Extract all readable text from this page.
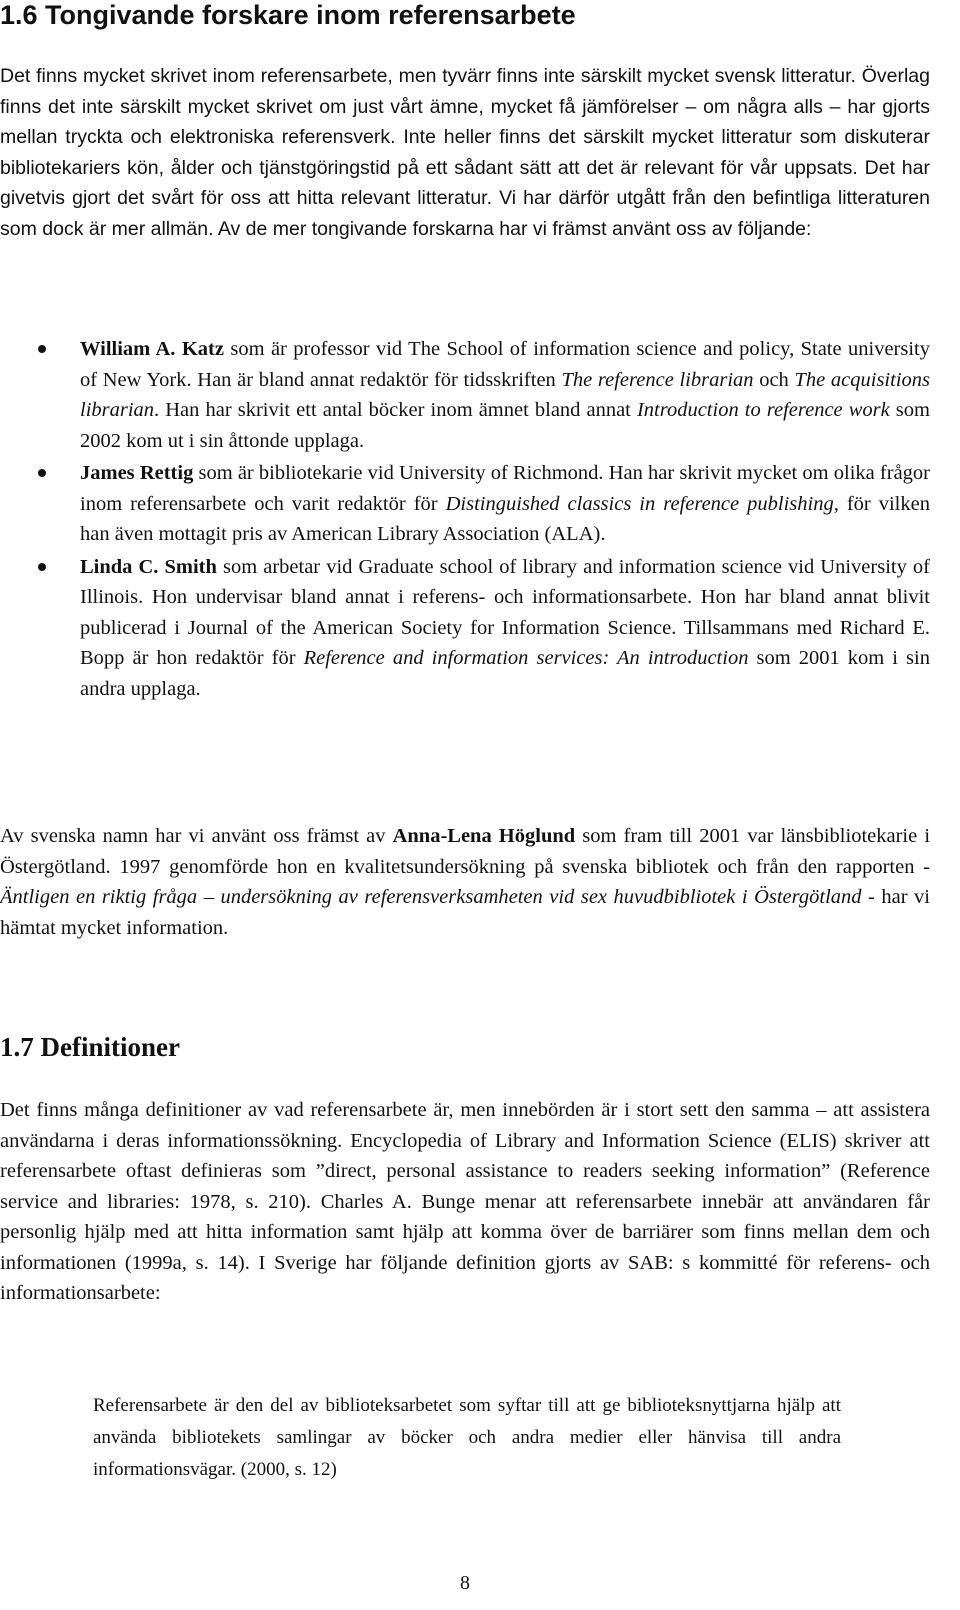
1.6 Tongivande forskare inom referensarbete

Det finns mycket skrivet inom referensarbete, men tyvärr finns inte särskilt mycket svensk litteratur. Överlag finns det inte särskilt mycket skrivet om just vårt ämne, mycket få jämförelser – om några alls – har gjorts mellan tryckta och elektroniska referensverk. Inte heller finns det särskilt mycket litteratur som diskuterar bibliotekariers kön, ålder och tjänstgöringstid på ett sådant sätt att det är relevant för vår uppsats. Det har givetvis gjort det svårt för oss att hitta relevant litteratur. Vi har därför utgått från den befintliga litteraturen som dock är mer allmän. Av de mer tongivande forskarna har vi främst använt oss av följande:

William A. Katz som är professor vid The School of information science and policy, State university of New York. Han är bland annat redaktör för tidsskriften The reference librarian och The acquisitions librarian. Han har skrivit ett antal böcker inom ämnet bland annat Introduction to reference work som 2002 kom ut i sin åttonde upplaga.
James Rettig som är bibliotekarie vid University of Richmond. Han har skrivit mycket om olika frågor inom referensarbete och varit redaktör för Distinguished classics in reference publishing, för vilken han även mottagit pris av American Library Association (ALA).
Linda C. Smith som arbetar vid Graduate school of library and information science vid University of Illinois. Hon undervisar bland annat i referens- och informationsarbete. Hon har bland annat blivit publicerad i Journal of the American Society for Information Science. Tillsammans med Richard E. Bopp är hon redaktör för Reference and information services: An introduction som 2001 kom i sin andra upplaga.

Av svenska namn har vi använt oss främst av Anna-Lena Höglund som fram till 2001 var länsbibliotekarie i Östergötland. 1997 genomförde hon en kvalitetsundersökning på svenska bibliotek och från den rapporten - Äntligen en riktig fråga – undersökning av referensverksamheten vid sex huvudbibliotek i Östergötland - har vi hämtat mycket information.

1.7 Definitioner

Det finns många definitioner av vad referensarbete är, men innebörden är i stort sett den samma – att assistera användarna i deras informationssökning. Encyclopedia of Library and Information Science (ELIS) skriver att referensarbete oftast definieras som ”direct, personal assistance to readers seeking information” (Reference service and libraries: 1978, s. 210). Charles A. Bunge menar att referensarbete innebär att användaren får personlig hjälp med att hitta information samt hjälp att komma över de barriärer som finns mellan dem och informationen (1999a, s. 14). I Sverige har följande definition gjorts av SAB: s kommitté för referens- och informationsarbete:

Referensarbete är den del av biblioteksarbetet som syftar till att ge biblioteksnyttjarna hjälp att använda bibliotekets samlingar av böcker och andra medier eller hänvisa till andra informationsvägar. (2000, s. 12)

8
